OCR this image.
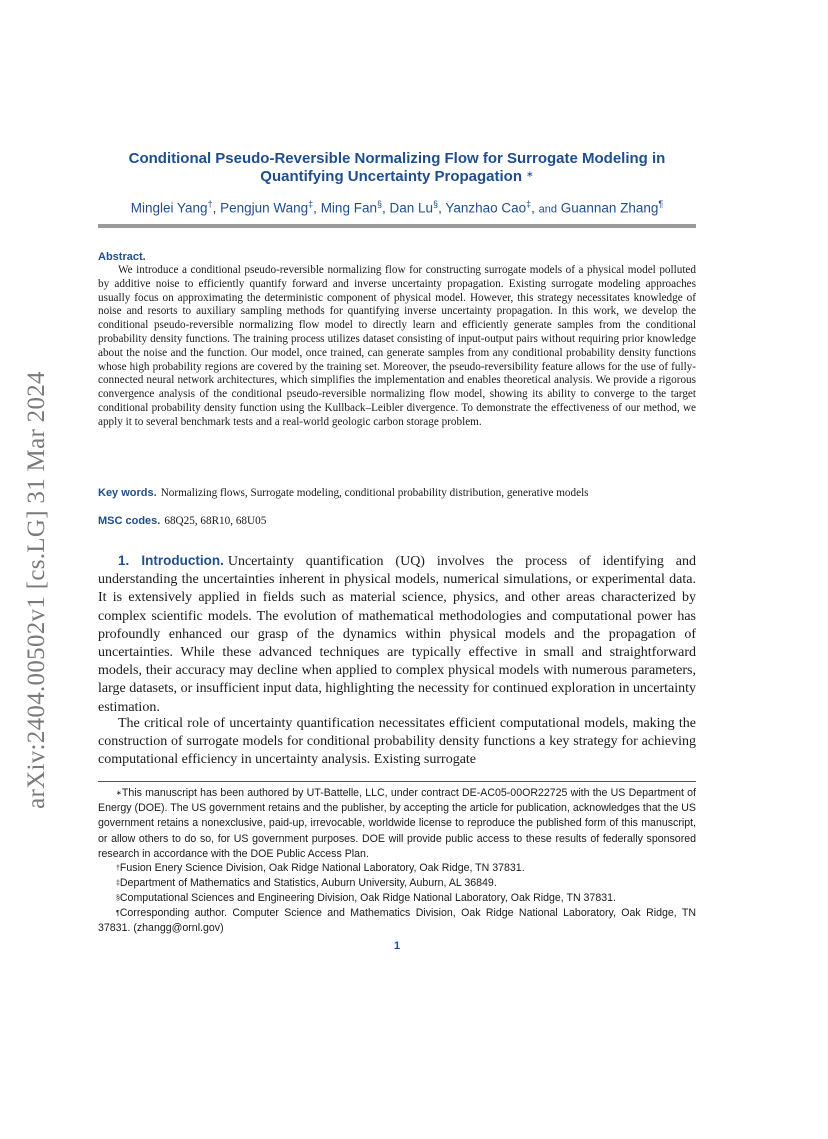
arXiv:2404.00502v1 [cs.LG] 31 Mar 2024
Conditional Pseudo-Reversible Normalizing Flow for Surrogate Modeling in
Quantifying Uncertainty Propagation ∗
Minglei Yang†, Pengjun Wang‡, Ming Fan§, Dan Lu§, Yanzhao Cao‡, and Guannan Zhang¶
Abstract.

We introduce a conditional pseudo-reversible normalizing flow for constructing surrogate models of a physical model polluted by additive noise to efficiently quantify forward and inverse uncertainty propagation. Existing surrogate modeling approaches usually focus on approximating the deterministic component of physical model. However, this strategy necessitates knowledge of noise and resorts to auxiliary sampling methods for quantifying inverse uncertainty propagation. In this work, we develop the conditional pseudo-reversible normalizing flow model to directly learn and efficiently generate samples from the conditional probability density functions. The training process utilizes dataset consisting of input-output pairs without requiring prior knowledge about the noise and the function. Our model, once trained, can generate samples from any conditional probability density functions whose high probability regions are covered by the training set. Moreover, the pseudo-reversibility feature allows for the use of fully-connected neural network architectures, which simplifies the implementation and enables theoretical analysis. We provide a rigorous convergence analysis of the conditional pseudo-reversible normalizing flow model, showing its ability to converge to the target conditional probability density function using the Kullback–Leibler divergence. To demonstrate the effectiveness of our method, we apply it to several benchmark tests and a real-world geologic carbon storage problem.

Key words. Normalizing flows, Surrogate modeling, conditional probability distribution, generative models
MSC codes. 68Q25, 68R10, 68U05

1. Introduction. Uncertainty quantification (UQ) involves the process of identifying and understanding the uncertainties inherent in physical models, numerical simulations, or experimental data. It is extensively applied in fields such as material science, physics, and other areas characterized by complex scientific models. The evolution of mathematical methodologies and computational power has profoundly enhanced our grasp of the dynamics within physical models and the propagation of uncertainties. While these advanced techniques are typically effective in small and straightforward models, their accuracy may decline when applied to complex physical models with numerous parameters, large datasets, or insufficient input data, highlighting the necessity for continued exploration in uncertainty estimation.

The critical role of uncertainty quantification necessitates efficient computational models, making the construction of surrogate models for conditional probability density functions a key strategy for achieving computational efficiency in uncertainty analysis. Existing surrogate

∗This manuscript has been authored by UT-Battelle, LLC, under contract DE-AC05-00OR22725 with the US Department of Energy (DOE). The US government retains and the publisher, by accepting the article for publication, acknowledges that the US government retains a nonexclusive, paid-up, irrevocable, worldwide license to reproduce the published form of this manuscript, or allow others to do so, for US government purposes. DOE will provide public access to these results of federally sponsored research in accordance with the DOE Public Access Plan.

†Fusion Enery Science Division, Oak Ridge National Laboratory, Oak Ridge, TN 37831.

‡Department of Mathematics and Statistics, Auburn University, Auburn, AL 36849.

§Computational Sciences and Engineering Division, Oak Ridge National Laboratory, Oak Ridge, TN 37831.

¶Corresponding author. Computer Science and Mathematics Division, Oak Ridge National Laboratory, Oak Ridge, TN 37831. (zhangg@ornl.gov)

1
